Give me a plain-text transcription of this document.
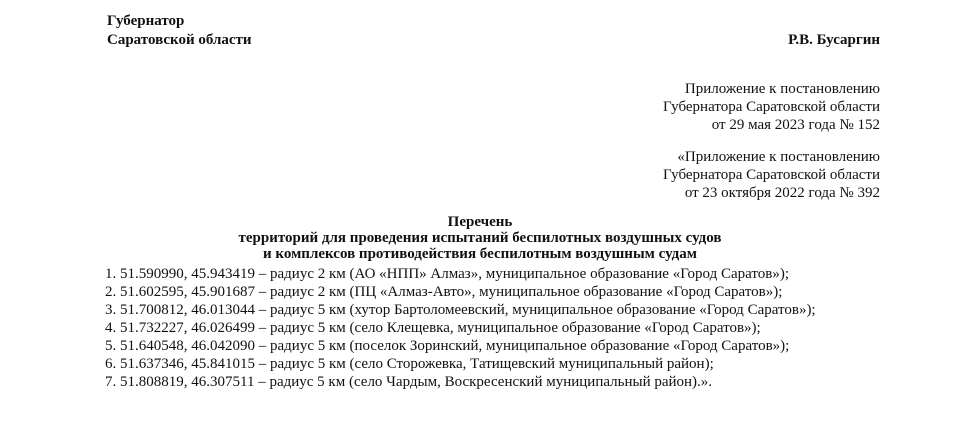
Губернатор
Саратовской области	Р.В. Бусаргин
Приложение к постановлению
Губернатора Саратовской области
от 29 мая 2023 года № 152
«Приложение к постановлению
Губернатора Саратовской области
от 23 октября 2022 года № 392
Перечень
территорий для проведения испытаний беспилотных воздушных судов
и комплексов противодействия беспилотным воздушным судам
1. 51.590990, 45.943419 – радиус 2 км (АО «НПП» Алмаз», муниципальное образование «Город Саратов»);
2. 51.602595, 45.901687 – радиус 2 км (ПЦ «Алмаз-Авто», муниципальное образование «Город Саратов»);
3. 51.700812, 46.013044 – радиус 5 км (хутор Бартоломеевский, муниципальное образование «Город Саратов»);
4. 51.732227, 46.026499 – радиус 5 км (село Клещевка, муниципальное образование «Город Саратов»);
5. 51.640548, 46.042090 – радиус 5 км (поселок Зоринский, муниципальное образование «Город Саратов»);
6. 51.637346, 45.841015 – радиус 5 км (село Сторожевка, Татищевский муниципальный район);
7. 51.808819, 46.307511 – радиус 5 км (село Чардым, Воскресенский муниципальный район).».
